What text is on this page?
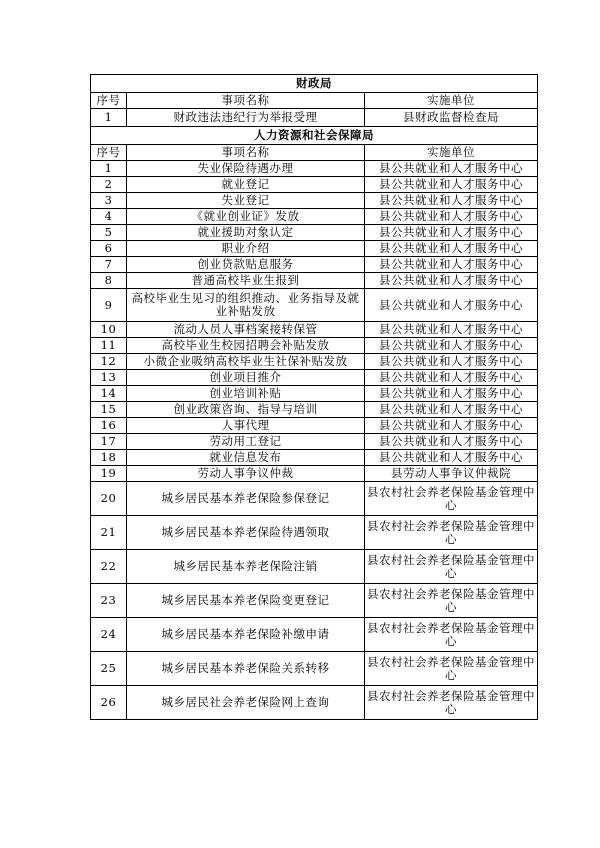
财政局		
序号	事项名称	实施单位
1	财政违法违纪行为举报受理	县财政监督检查局
人力资源和社会保障局		
序号	事项名称	实施单位
1	失业保险待遇办理	县公共就业和人才服务中心
2	就业登记	县公共就业和人才服务中心
3	失业登记	县公共就业和人才服务中心
4	《就业创业证》发放	县公共就业和人才服务中心
5	就业援助对象认定	县公共就业和人才服务中心
6	职业介绍	县公共就业和人才服务中心
7	创业贷款贴息服务	县公共就业和人才服务中心
8	普通高校毕业生报到	县公共就业和人才服务中心
9	高校毕业生见习的组织推动、业务指导及就业补贴发放	县公共就业和人才服务中心
10	流动人员人事档案接转保管	县公共就业和人才服务中心
11	高校毕业生校园招聘会补贴发放	县公共就业和人才服务中心
12	小微企业吸纳高校毕业生社保补贴发放	县公共就业和人才服务中心
13	创业项目推介	县公共就业和人才服务中心
14	创业培训补贴	县公共就业和人才服务中心
15	创业政策咨询、指导与培训	县公共就业和人才服务中心
16	人事代理	县公共就业和人才服务中心
17	劳动用工登记	县公共就业和人才服务中心
18	就业信息发布	县公共就业和人才服务中心
19	劳动人事争议仲裁	县劳动人事争议仲裁院
20	城乡居民基本养老保险参保登记	县农村社会养老保险基金管理中心
21	城乡居民基本养老保险待遇领取	县农村社会养老保险基金管理中心
22	城乡居民基本养老保险注销	县农村社会养老保险基金管理中心
23	城乡居民基本养老保险变更登记	县农村社会养老保险基金管理中心
24	城乡居民基本养老保险补缴申请	县农村社会养老保险基金管理中心
25	城乡居民基本养老保险关系转移	县农村社会养老保险基金管理中心
26	城乡居民社会养老保险网上查询	县农村社会养老保险基金管理中心
